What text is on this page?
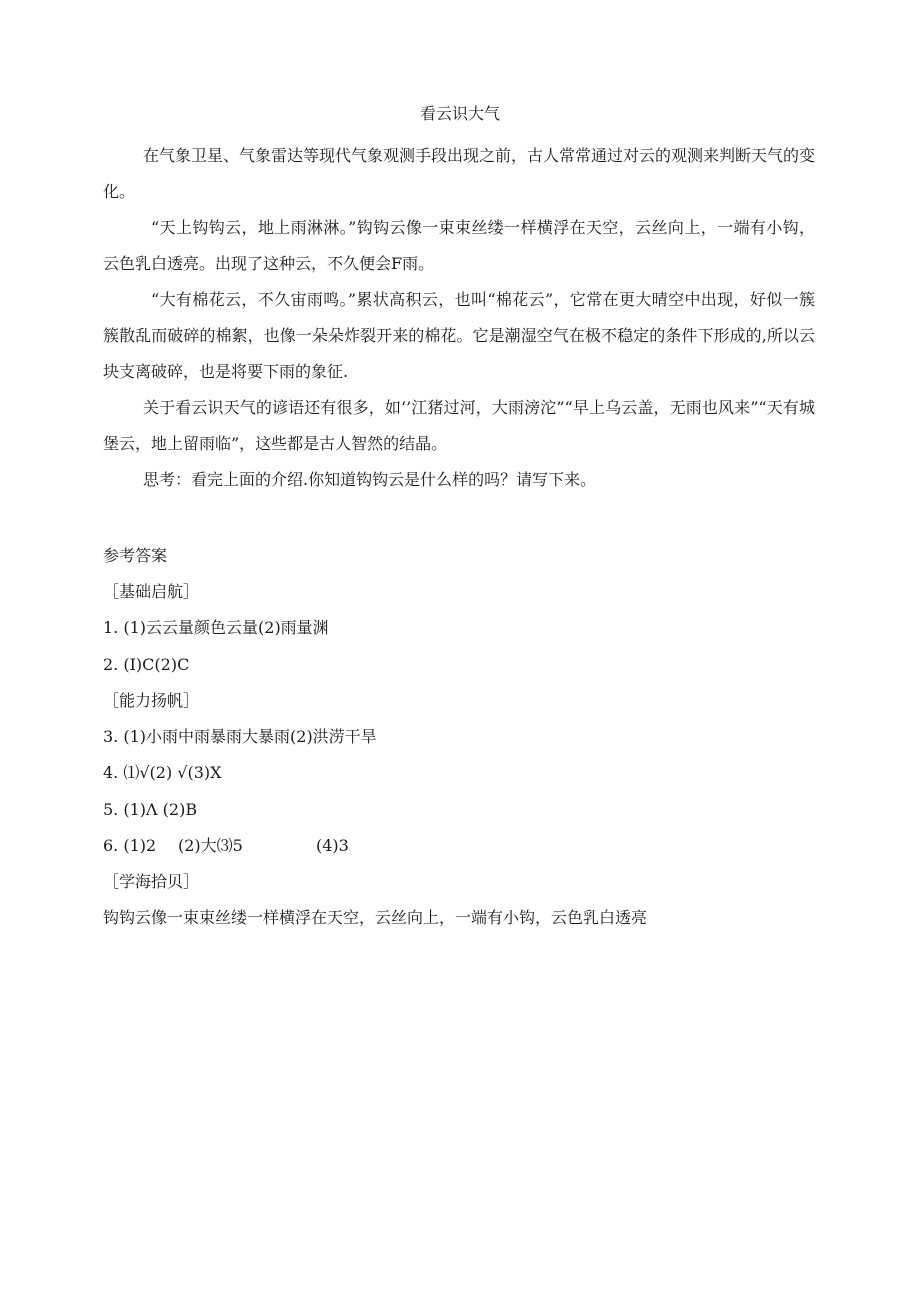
看云识大气

在气象卫星、气象雷达等现代气象观测手段出现之前，古人常常通过对云的观测来判断天气的变化。

“天上钩钩云，地上雨淋淋。”钩钩云像一束束丝缕一样横浮在天空，云丝向上，一端有小钩，云色乳白透亮。出现了这种云，不久便会F雨。

“大有棉花云，不久宙雨鸣。”累状高积云，也叫“棉花云”，它常在更大晴空中出现，好似一簇簇散乱而破碎的棉絮，也像一朵朵炸裂开来的棉花。它是潮湿空气在极不稳定的条件下形成的,所以云块支离破碎，也是将要下雨的象征.

关于看云识天气的谚语还有很多，如‘’江猪过河，大雨滂沱”“早上乌云盖，无雨也风来”“天有城堡云，地上留雨临”，这些都是古人智然的结晶。

思考：看完上面的介绍.你知道钩钩云是什么样的吗？请写下来。

参考答案
［基础启航］
1. (1)云云量颜色云量(2)雨量渊
2. (I)C(2)C
［能力扬帆］
3. (1)小雨中雨暴雨大暴雨(2)洪涝干旱
4. ⑴√(2) √(3)X
5. (1)Λ (2)B
6. (1)2 (2)大⑶5	(4)3
［学海拾贝］
钩钩云像一束束丝缕一样横浮在天空，云丝向上，一端有小钩，云色乳白透亮
